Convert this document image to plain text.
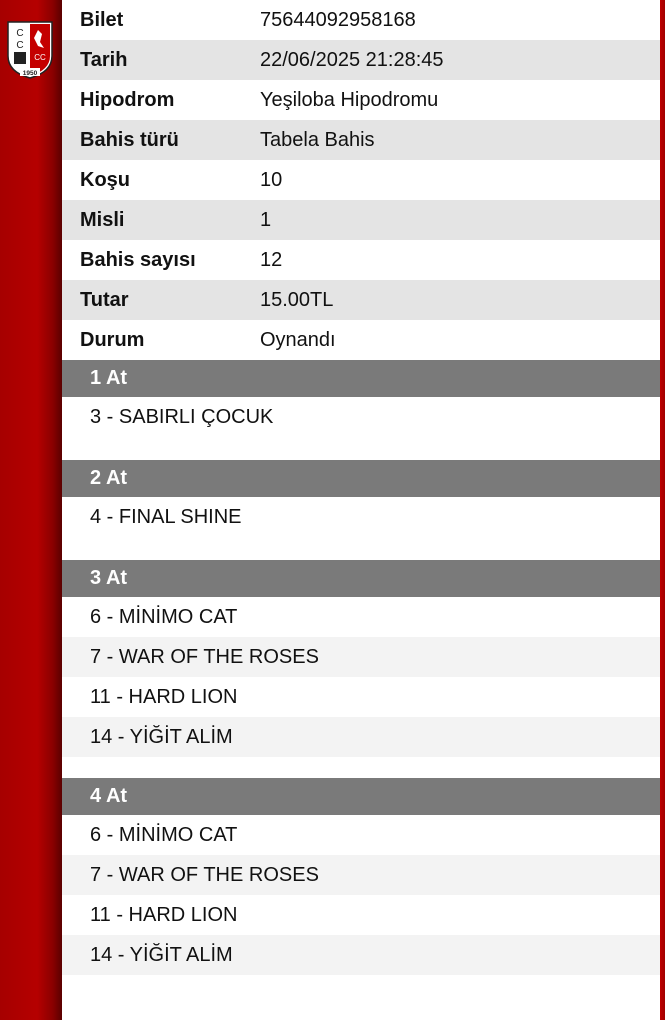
C
C
CC
1950
Bilet	75644092958168
Tarih	22/06/2025 21:28:45
Hipodrom	Yeşiloba Hipodromu
Bahis türü	Tabela Bahis
Koşu	10
Misli	1
Bahis sayısı	12
Tutar	15.00TL
Durum	Oynandı
1 At
3 - SABIRLI ÇOCUK
2 At
4 - FINAL SHINE
3 At
6 - MİNİMO CAT
7 - WAR OF THE ROSES
11 - HARD LION
14 - YİĞİT ALİM
4 At
6 - MİNİMO CAT
7 - WAR OF THE ROSES
11 - HARD LION
14 - YİĞİT ALİM
